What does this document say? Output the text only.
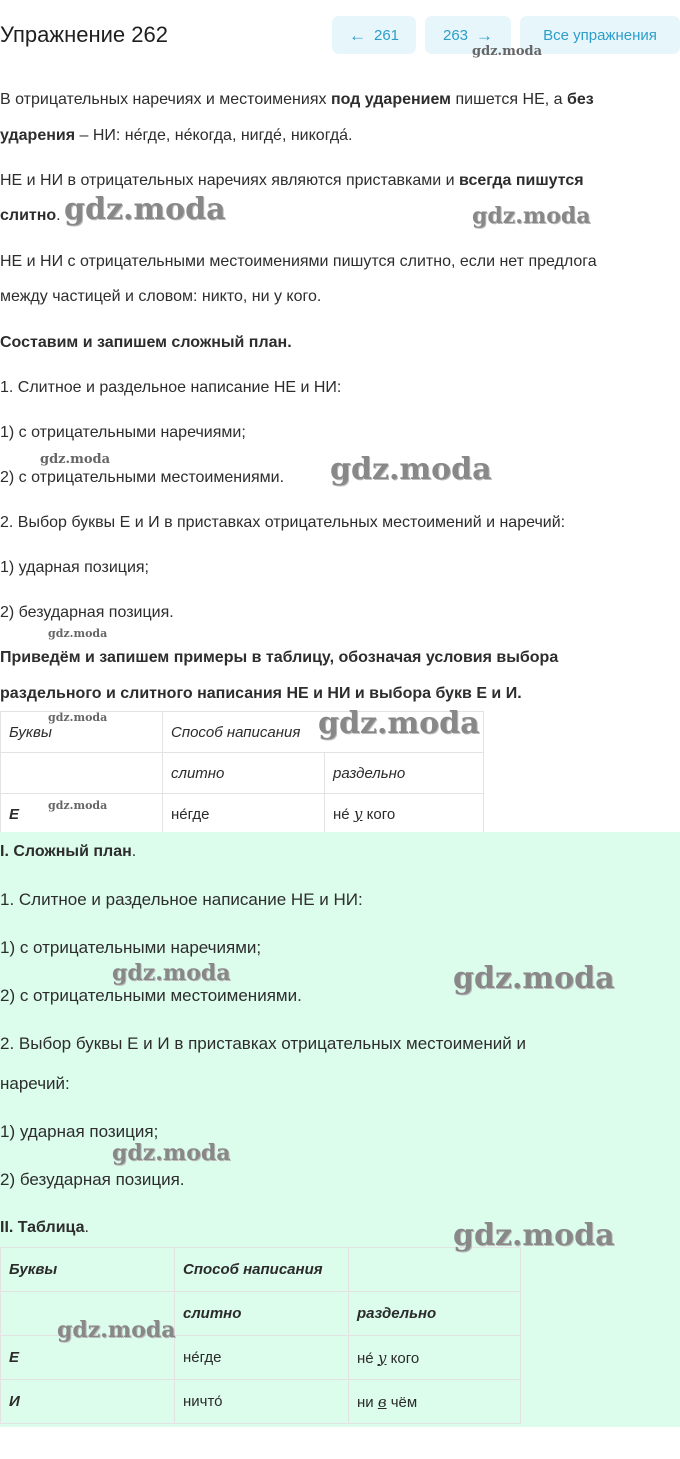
Упражнение 262	← 261	263 →	Все упражнения
В отрицательных наречиях и местоимениях под ударением пишется НЕ, а без
ударения – НИ: не́где, не́когда, нигде́, никогда́.
НЕ и НИ в отрицательных наречиях являются приставками и всегда пишутся
слитно.
НЕ и НИ с отрицательными местоимениями пишутся слитно, если нет предлога
между частицей и словом: никто, ни у кого.
Составим и запишем сложный план.
1. Слитное и раздельное написание НЕ и НИ:
1) с отрицательными наречиями;
2) с отрицательными местоимениями.
2. Выбор буквы Е и И в приставках отрицательных местоимений и наречий:
1) ударная позиция;
2) безударная позиция.
Приведём и запишем примеры в таблицу, обозначая условия выбора
раздельного и слитного написания НЕ и НИ и выбора букв Е и И.
Буквы	Способ написания	
	слитно	раздельно
Е	не́где	не́ у кого
I. Сложный план.
1. Слитное и раздельное написание НЕ и НИ:
1) с отрицательными наречиями;
2) с отрицательными местоимениями.
2. Выбор буквы Е и И в приставках отрицательных местоимений и
наречий:
1) ударная позиция;
2) безударная позиция.
II. Таблица.
Буквы	Способ написания	
	слитно	раздельно
Е	не́где	не́ у кого
И	ничто́	ни в чём
gdz.moda
gdz.moda	gdz.moda
gdz.moda	gdz.moda
gdz.moda
gdz.moda	gdz.moda
gdz.moda
gdz.moda	gdz.moda
gdz.moda
gdz.moda
gdz.moda
